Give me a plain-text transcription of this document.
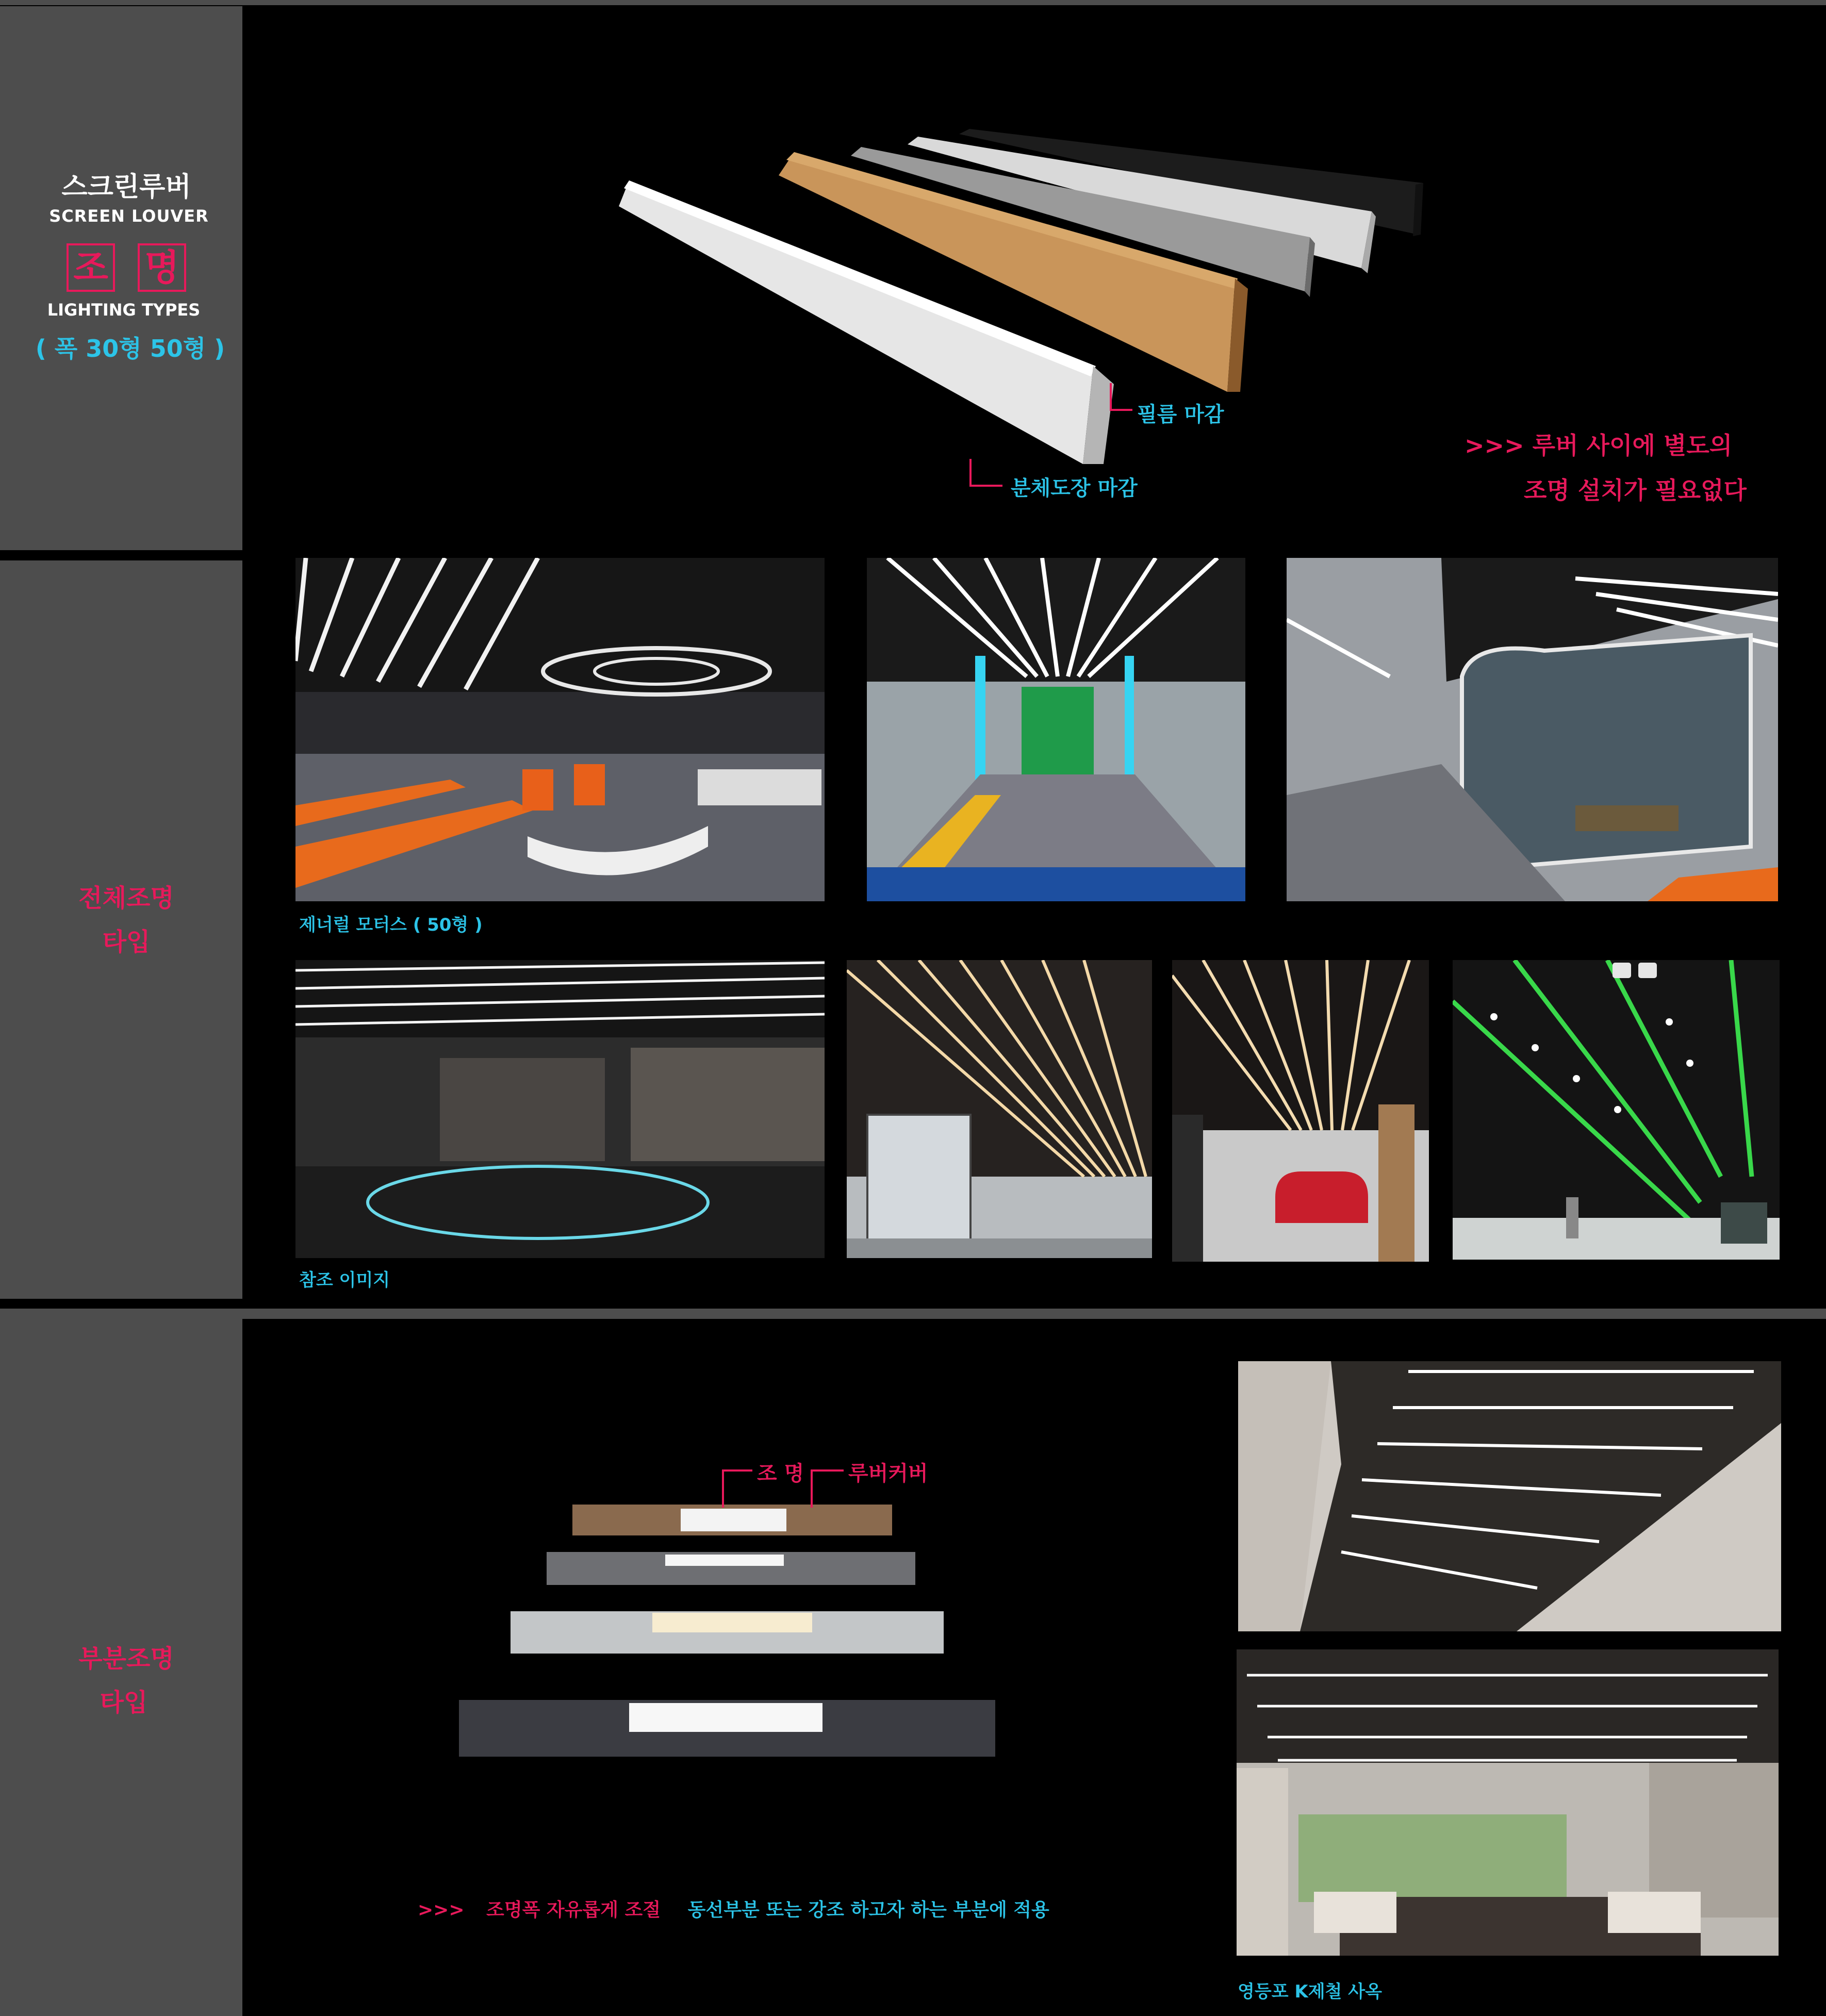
스크린루버
SCREEN LOUVER
조 명
LIGHTING TYPES
( 폭 30형 50형 )
전체조명
타입
부분조명
타입
필름 마감
분체도장 마감
>>> 루버 사이에 별도의
조명 설치가 필요없다
제너럴 모터스 ( 50형 )
참조 이미지
조 명 루버커버
>>> 조명폭 자유롭게 조절 동선부분 또는 강조 하고자 하는 부분에 적용
영등포 K제철 사옥
